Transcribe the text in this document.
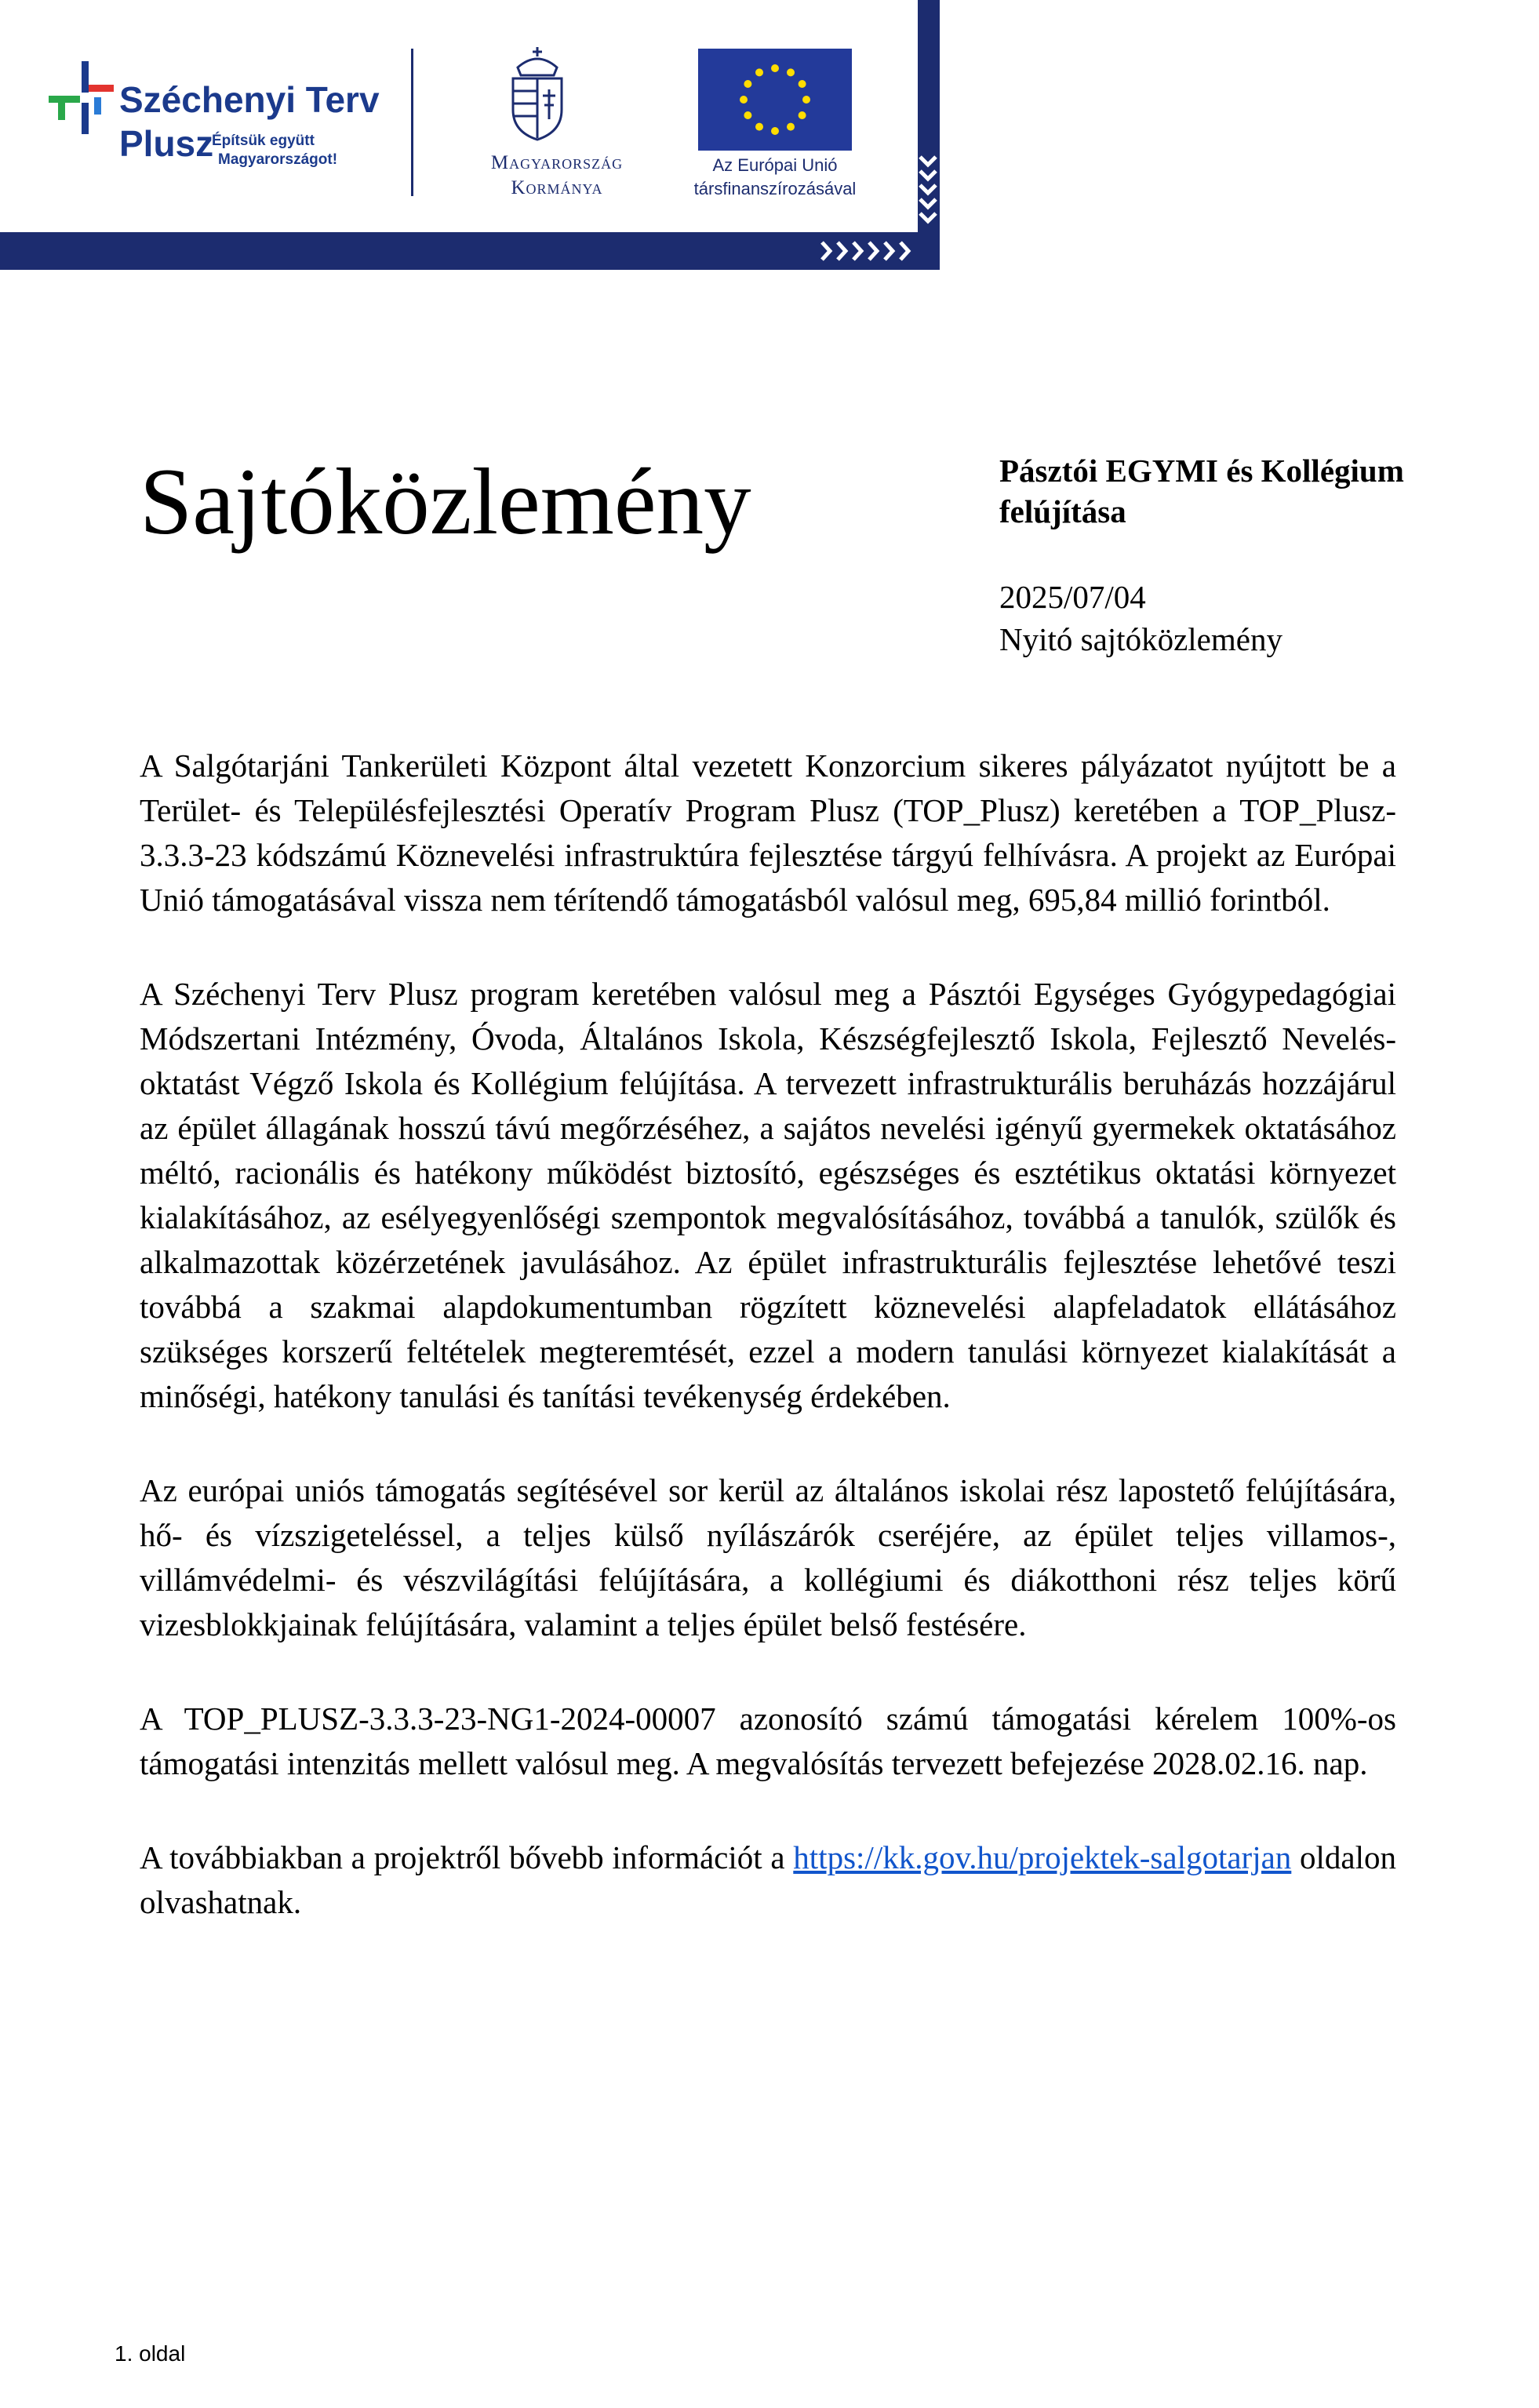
Széchenyi Terv
Plusz
Építsük együtt
Magyarországot!	Magyarország
Kormánya
Az Európai Unió
társfinanszírozásával
Sajtóközlemény	Pásztói EGYMI és Kollégium felújítása
2025/07/04
Nyitó sajtóközlemény

A Salgótarjáni Tankerületi Központ által vezetett Konzorcium sikeres pályázatot nyújtott be a Terület- és Településfejlesztési Operatív Program Plusz (TOP_Plusz) keretében a TOP_Plusz-3.3.3-23 kódszámú Köznevelési infrastruktúra fejlesztése tárgyú felhívásra. A projekt az Európai Unió támogatásával vissza nem térítendő támogatásból valósul meg, 695,84 millió forintból.

A Széchenyi Terv Plusz program keretében valósul meg a Pásztói Egységes Gyógypedagógiai Módszertani Intézmény, Óvoda, Általános Iskola, Készségfejlesztő Iskola, Fejlesztő Nevelés-oktatást Végző Iskola és Kollégium felújítása. A tervezett infrastrukturális beruházás hozzájárul az épület állagának hosszú távú megőrzéséhez, a sajátos nevelési igényű gyermekek oktatásához méltó, racionális és hatékony működést biztosító, egészséges és esztétikus oktatási környezet kialakításához, az esélyegyenlőségi szempontok megvalósításához, továbbá a tanulók, szülők és alkalmazottak közérzetének javulásához. Az épület infrastrukturális fejlesztése lehetővé teszi továbbá a szakmai alapdokumentumban rögzített köznevelési alapfeladatok ellátásához szükséges korszerű feltételek megteremtését, ezzel a modern tanulási környezet kialakítását a minőségi, hatékony tanulási és tanítási tevékenység érdekében.

Az európai uniós támogatás segítésével sor kerül az általános iskolai rész lapostető felújítására, hő- és vízszigeteléssel, a teljes külső nyílászárók cseréjére, az épület teljes villamos-, villámvédelmi- és vészvilágítási felújítására, a kollégiumi és diákotthoni rész teljes körű vizesblokkjainak felújítására, valamint a teljes épület belső festésére.

A TOP_PLUSZ-3.3.3-23-NG1-2024-00007 azonosító számú támogatási kérelem 100%-os támogatási intenzitás mellett valósul meg. A megvalósítás tervezett befejezése 2028.02.16. nap.

A továbbiakban a projektről bővebb információt a https://kk.gov.hu/projektek-salgotarjan oldalon olvashatnak.

1. oldal
